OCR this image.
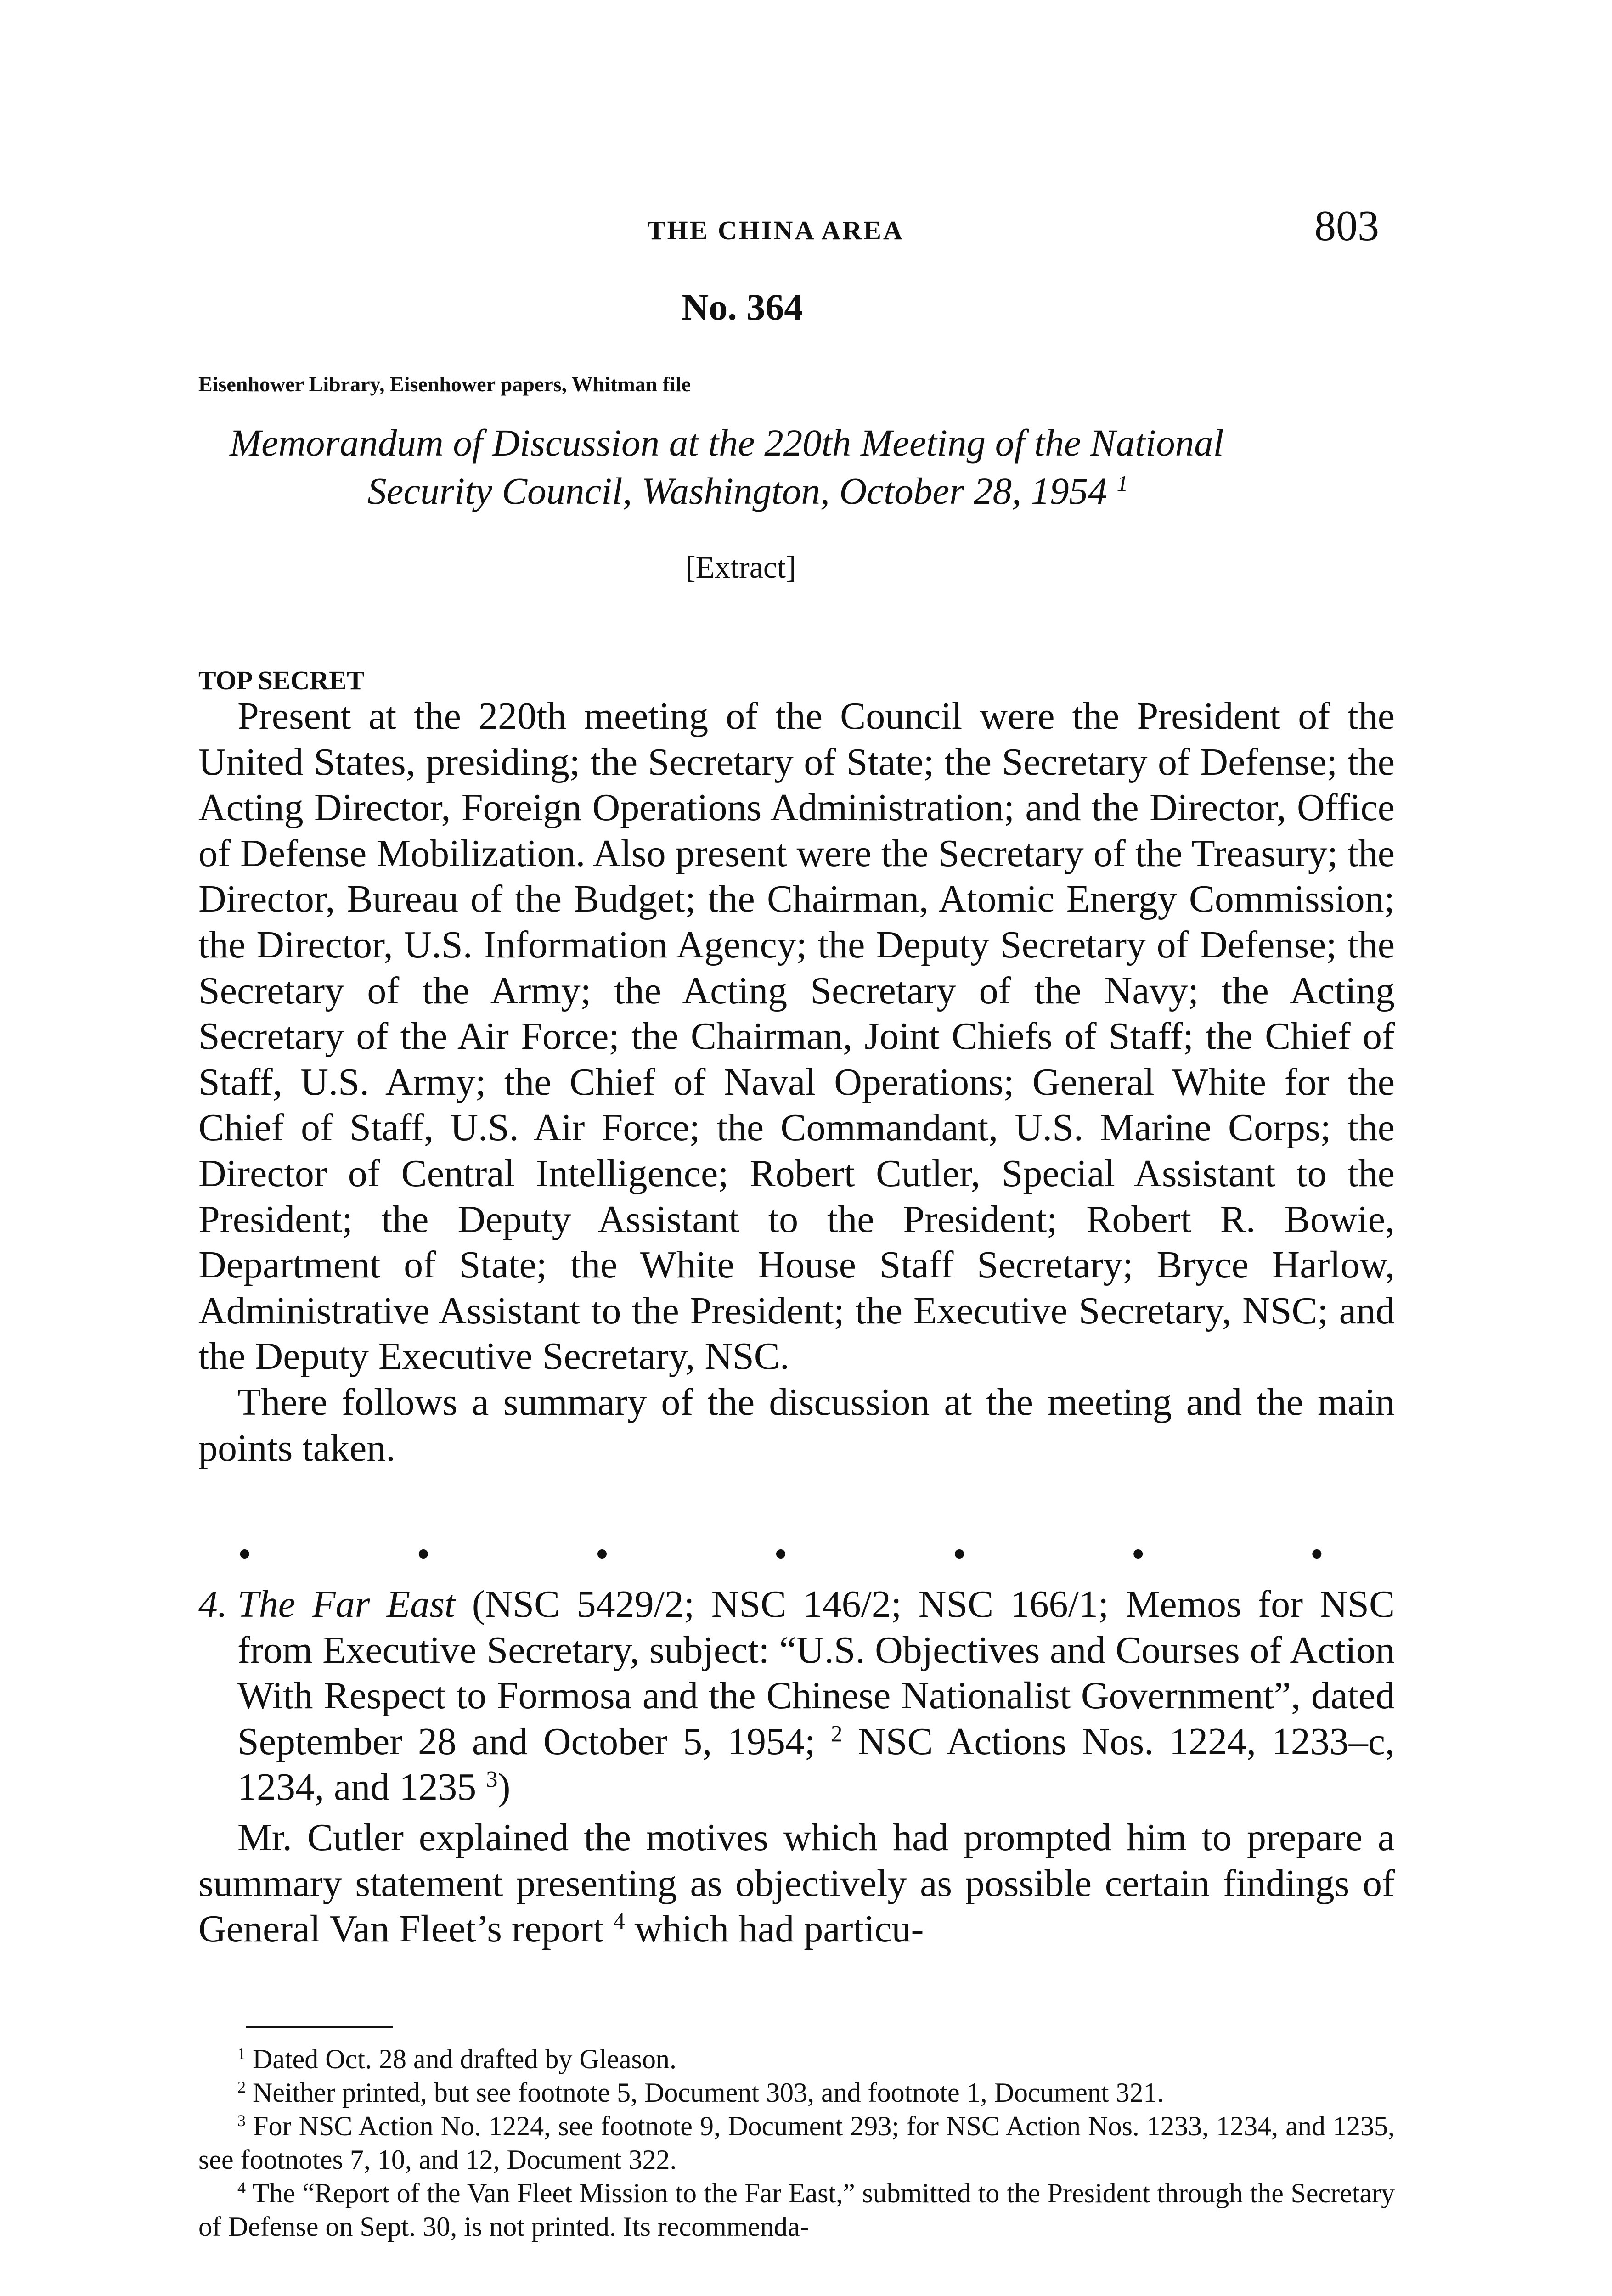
THE CHINA AREA	803
No. 364
Eisenhower Library, Eisenhower papers, Whitman file
Memorandum of Discussion at the 220th Meeting of the National
Security Council, Washington, October 28, 1954 $^1$
[Extract]
TOP SECRET

Present at the 220th meeting of the Council were the President of the United States, presiding; the Secretary of State; the Secretary of Defense; the Acting Director, Foreign Operations Administration; and the Director, Office of Defense Mobilization. Also present were the Secretary of the Treasury; the Director, Bureau of the Budget; the Chairman, Atomic Energy Commission; the Director, U.S. Information Agency; the Deputy Secretary of Defense; the Secretary of the Army; the Acting Secretary of the Navy; the Acting Secretary of the Air Force; the Chairman, Joint Chiefs of Staff; the Chief of Staff, U.S. Army; the Chief of Naval Operations; General White for the Chief of Staff, U.S. Air Force; the Commandant, U.S. Marine Corps; the Director of Central Intelligence; Robert Cutler, Special Assistant to the President; the Deputy Assistant to the President; Robert R. Bowie, Department of State; the White House Staff Secretary; Bryce Harlow, Administrative Assistant to the President; the Executive Secretary, NSC; and the Deputy Executive Secretary, NSC.

There follows a summary of the discussion at the meeting and the main points taken.

•	•	•	•	•	•	•
4. The Far East (NSC 5429/2; NSC 146/2; NSC 166/1; Memos for NSC from Executive Secretary, subject: “U.S. Objectives and Courses of Action With Respect to Formosa and the Chinese Nationalist Government”, dated September 28 and October 5, 1954; $^2$ NSC Actions Nos. 1224, 1233–c, 1234, and 1235 $^3$)

Mr. Cutler explained the motives which had prompted him to prepare a summary statement presenting as objectively as possible certain findings of General Van Fleet’s report $^4$ which had particu-

$^1$ Dated Oct. 28 and drafted by Gleason.

$^2$ Neither printed, but see footnote 5, Document 303, and footnote 1, Document 321.

$^3$ For NSC Action No. 1224, see footnote 9, Document 293; for NSC Action Nos. 1233, 1234, and 1235, see footnotes 7, 10, and 12, Document 322.

$^4$ The “Report of the Van Fleet Mission to the Far East,” submitted to the President through the Secretary of Defense on Sept. 30, is not printed. Its recommenda-
